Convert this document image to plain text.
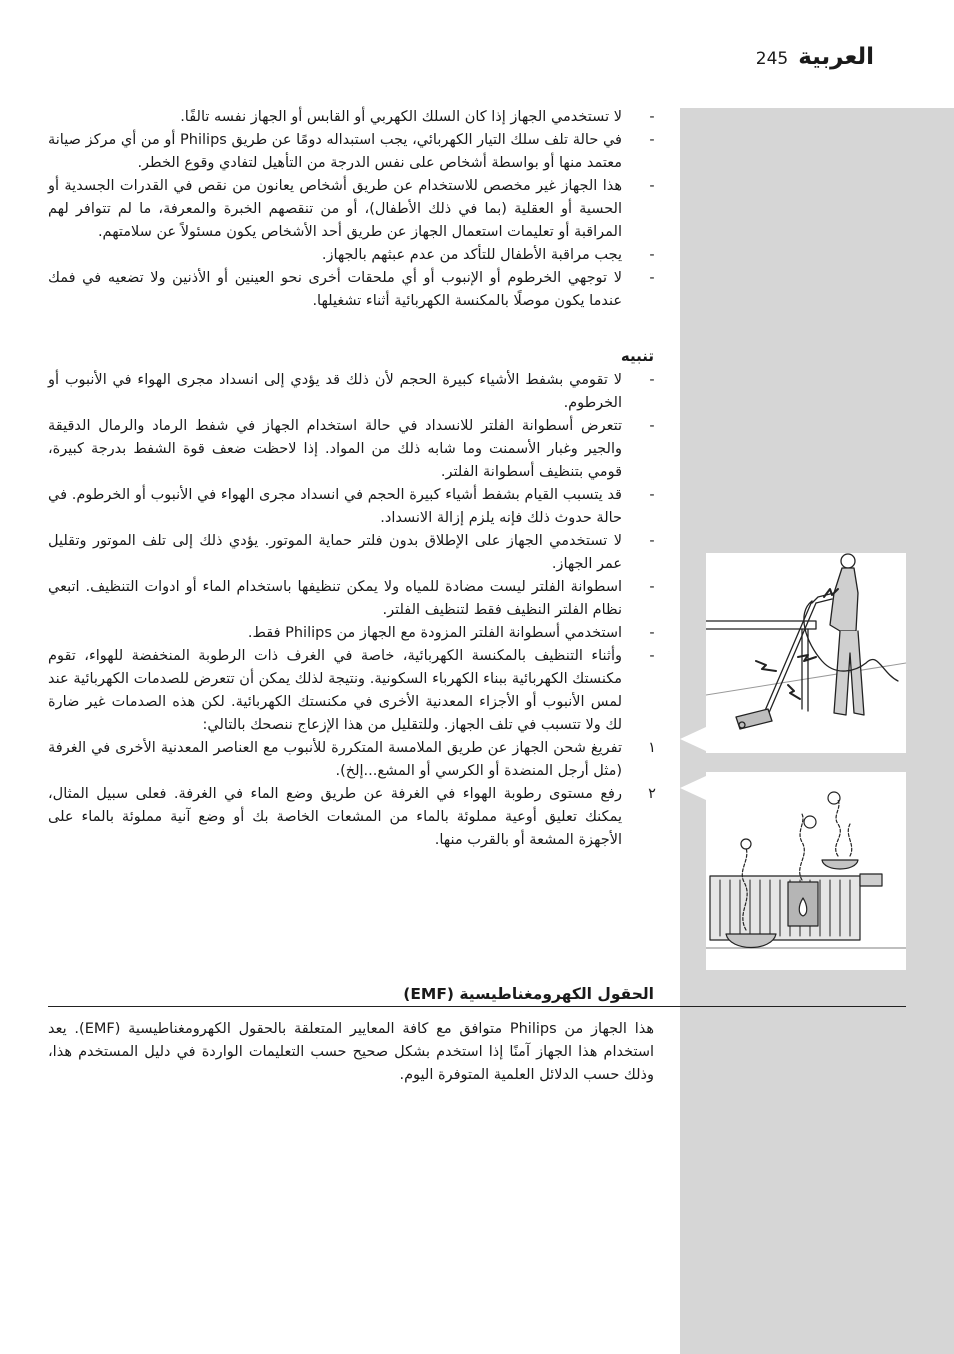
العربية
245
-
لا تستخدمي الجهاز إذا كان السلك الكهربي أو القابس أو الجهاز نفسه تالفًا.
-
في حالة تلف سلك التيار الكهربائي، يجب استبداله دومًا عن طريق Philips أو من أي مركز صيانة معتمد منها أو بواسطة أشخاص على نفس الدرجة من التأهيل لتفادي وقوع الخطر.
-
هذا الجهاز غير مخصص للاستخدام عن طريق أشخاص يعانون من نقص في القدرات الجسدية أو الحسية أو العقلية (بما في ذلك الأطفال)، أو من تنقصهم الخبرة والمعرفة، ما لم تتوافر لهم المراقبة أو تعليمات استعمال الجهاز عن طريق أحد الأشخاص يكون مسئولاً عن سلامتهم.
-
يجب مراقبة الأطفال للتأكد من عدم عبثهم بالجهاز.
-
لا توجهي الخرطوم أو الإنبوب أو أي ملحقات أخرى نحو العينين أو الأذنين ولا تضعيه في فمك عندما يكون موصلًا بالمكنسة الكهربائية أثناء تشغيلها.
تنبيه
-
لا تقومي بشفط الأشياء كبيرة الحجم لأن ذلك قد يؤدي إلى انسداد مجرى الهواء في الأنبوب أو الخرطوم.
-
تتعرض أسطوانة الفلتر للانسداد في حالة استخدام الجهاز في شفط الرماد والرمال الدقيقة والجير وغبار الأسمنت وما شابه ذلك من المواد. إذا لاحظت ضعف قوة الشفط بدرجة كبيرة، قومي بتنظيف أسطوانة الفلتر.
-
قد يتسبب القيام بشفط أشياء كبيرة الحجم في انسداد مجرى الهواء في الأنبوب أو الخرطوم. في حالة حدوث ذلك فإنه يلزم إزالة الانسداد.
-
لا تستخدمي الجهاز على الإطلاق بدون فلتر حماية الموتور. يؤدي ذلك إلى تلف الموتور وتقليل عمر الجهاز.
-
اسطوانة الفلتر ليست مضادة للمياه ولا يمكن تنظيفها باستخدام الماء أو ادوات التنظيف. اتبعي نظام الفلتر النظيف فقط لتنظيف الفلتر.
-
استخدمي أسطوانة الفلتر المزودة مع الجهاز من Philips فقط.
-
وأثناء التنظيف بالمكنسة الكهربائية، خاصة في الغرف ذات الرطوبة المنخفضة للهواء، تقوم مكنستك الكهربائية ببناء الكهرباء السكونية. ونتيجة لذلك يمكن أن تتعرض للصدمات الكهربائية عند لمس الأنبوب أو الأجزاء المعدنية الأخرى في مكنستك الكهربائية. لكن هذه الصدمات غير ضارة لك ولا تتسبب في تلف الجهاز. وللتقليل من هذا الإزعاج ننصحك بالتالي:
١
تفريغ شحن الجهاز عن طريق الملامسة المتكررة للأنبوب مع العناصر المعدنية الأخرى في الغرفة (مثل أرجل المنضدة أو الكرسي أو المشع...إلخ).
٢
رفع مستوى رطوبة الهواء في الغرفة عن طريق وضع الماء في الغرفة. فعلى سبيل المثال، يمكنك تعليق أوعية مملوئة بالماء من المشعات الخاصة بك أو وضع آنية مملوئة بالماء على الأجهزة المشعة أو بالقرب منها.
الحقول الكهرومغناطيسية (EMF)
هذا الجهاز من Philips متوافق مع كافة المعايير المتعلقة بالحقول الكهرومغناطيسية (EMF). يعد استخدام هذا الجهاز آمنًا إذا استخدم بشكل صحيح حسب التعليمات الواردة في دليل المستخدم هذا، وذلك حسب الدلائل العلمية المتوفرة اليوم.
